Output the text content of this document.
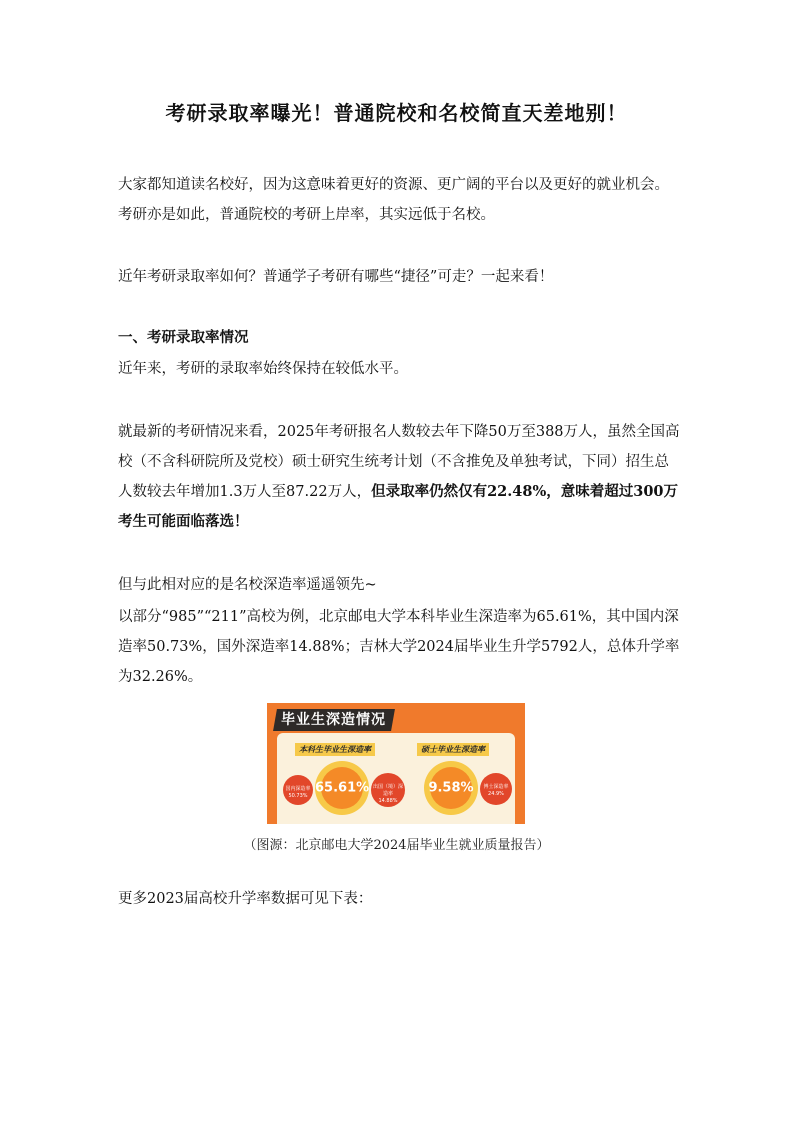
考研录取率曝光！普通院校和名校简直天差地别！

大家都知道读名校好，因为这意味着更好的资源、更广阔的平台以及更好的就业机会。考研亦是如此，普通院校的考研上岸率，其实远低于名校。

近年考研录取率如何？普通学子考研有哪些“捷径”可走？一起来看！

一、考研录取率情况

近年来，考研的录取率始终保持在较低水平。

就最新的考研情况来看，2025年考研报名人数较去年下降50万至388万人，虽然全国高校（不含科研院所及党校）硕士研究生统考计划（不含推免及单独考试，下同）招生总人数较去年增加1.3万人至87.22万人，但录取率仍然仅有22.48%，意味着超过300万考生可能面临落选！

但与此相对应的是名校深造率遥遥领先~

以部分“985”“211”高校为例，北京邮电大学本科毕业生深造率为65.61%，其中国内深造率50.73%，国外深造率14.88%；吉林大学2024届毕业生升学5792人，总体升学率为32.26%。

毕业生深造情况
本科生毕业生深造率	硕士毕业生深造率
国内深造率
50.73%
65.61% 出国（境）深造率
14.88%
9.58%	博士深造率
24.9%
（图源：北京邮电大学2024届毕业生就业质量报告）

更多2023届高校升学率数据可见下表：
